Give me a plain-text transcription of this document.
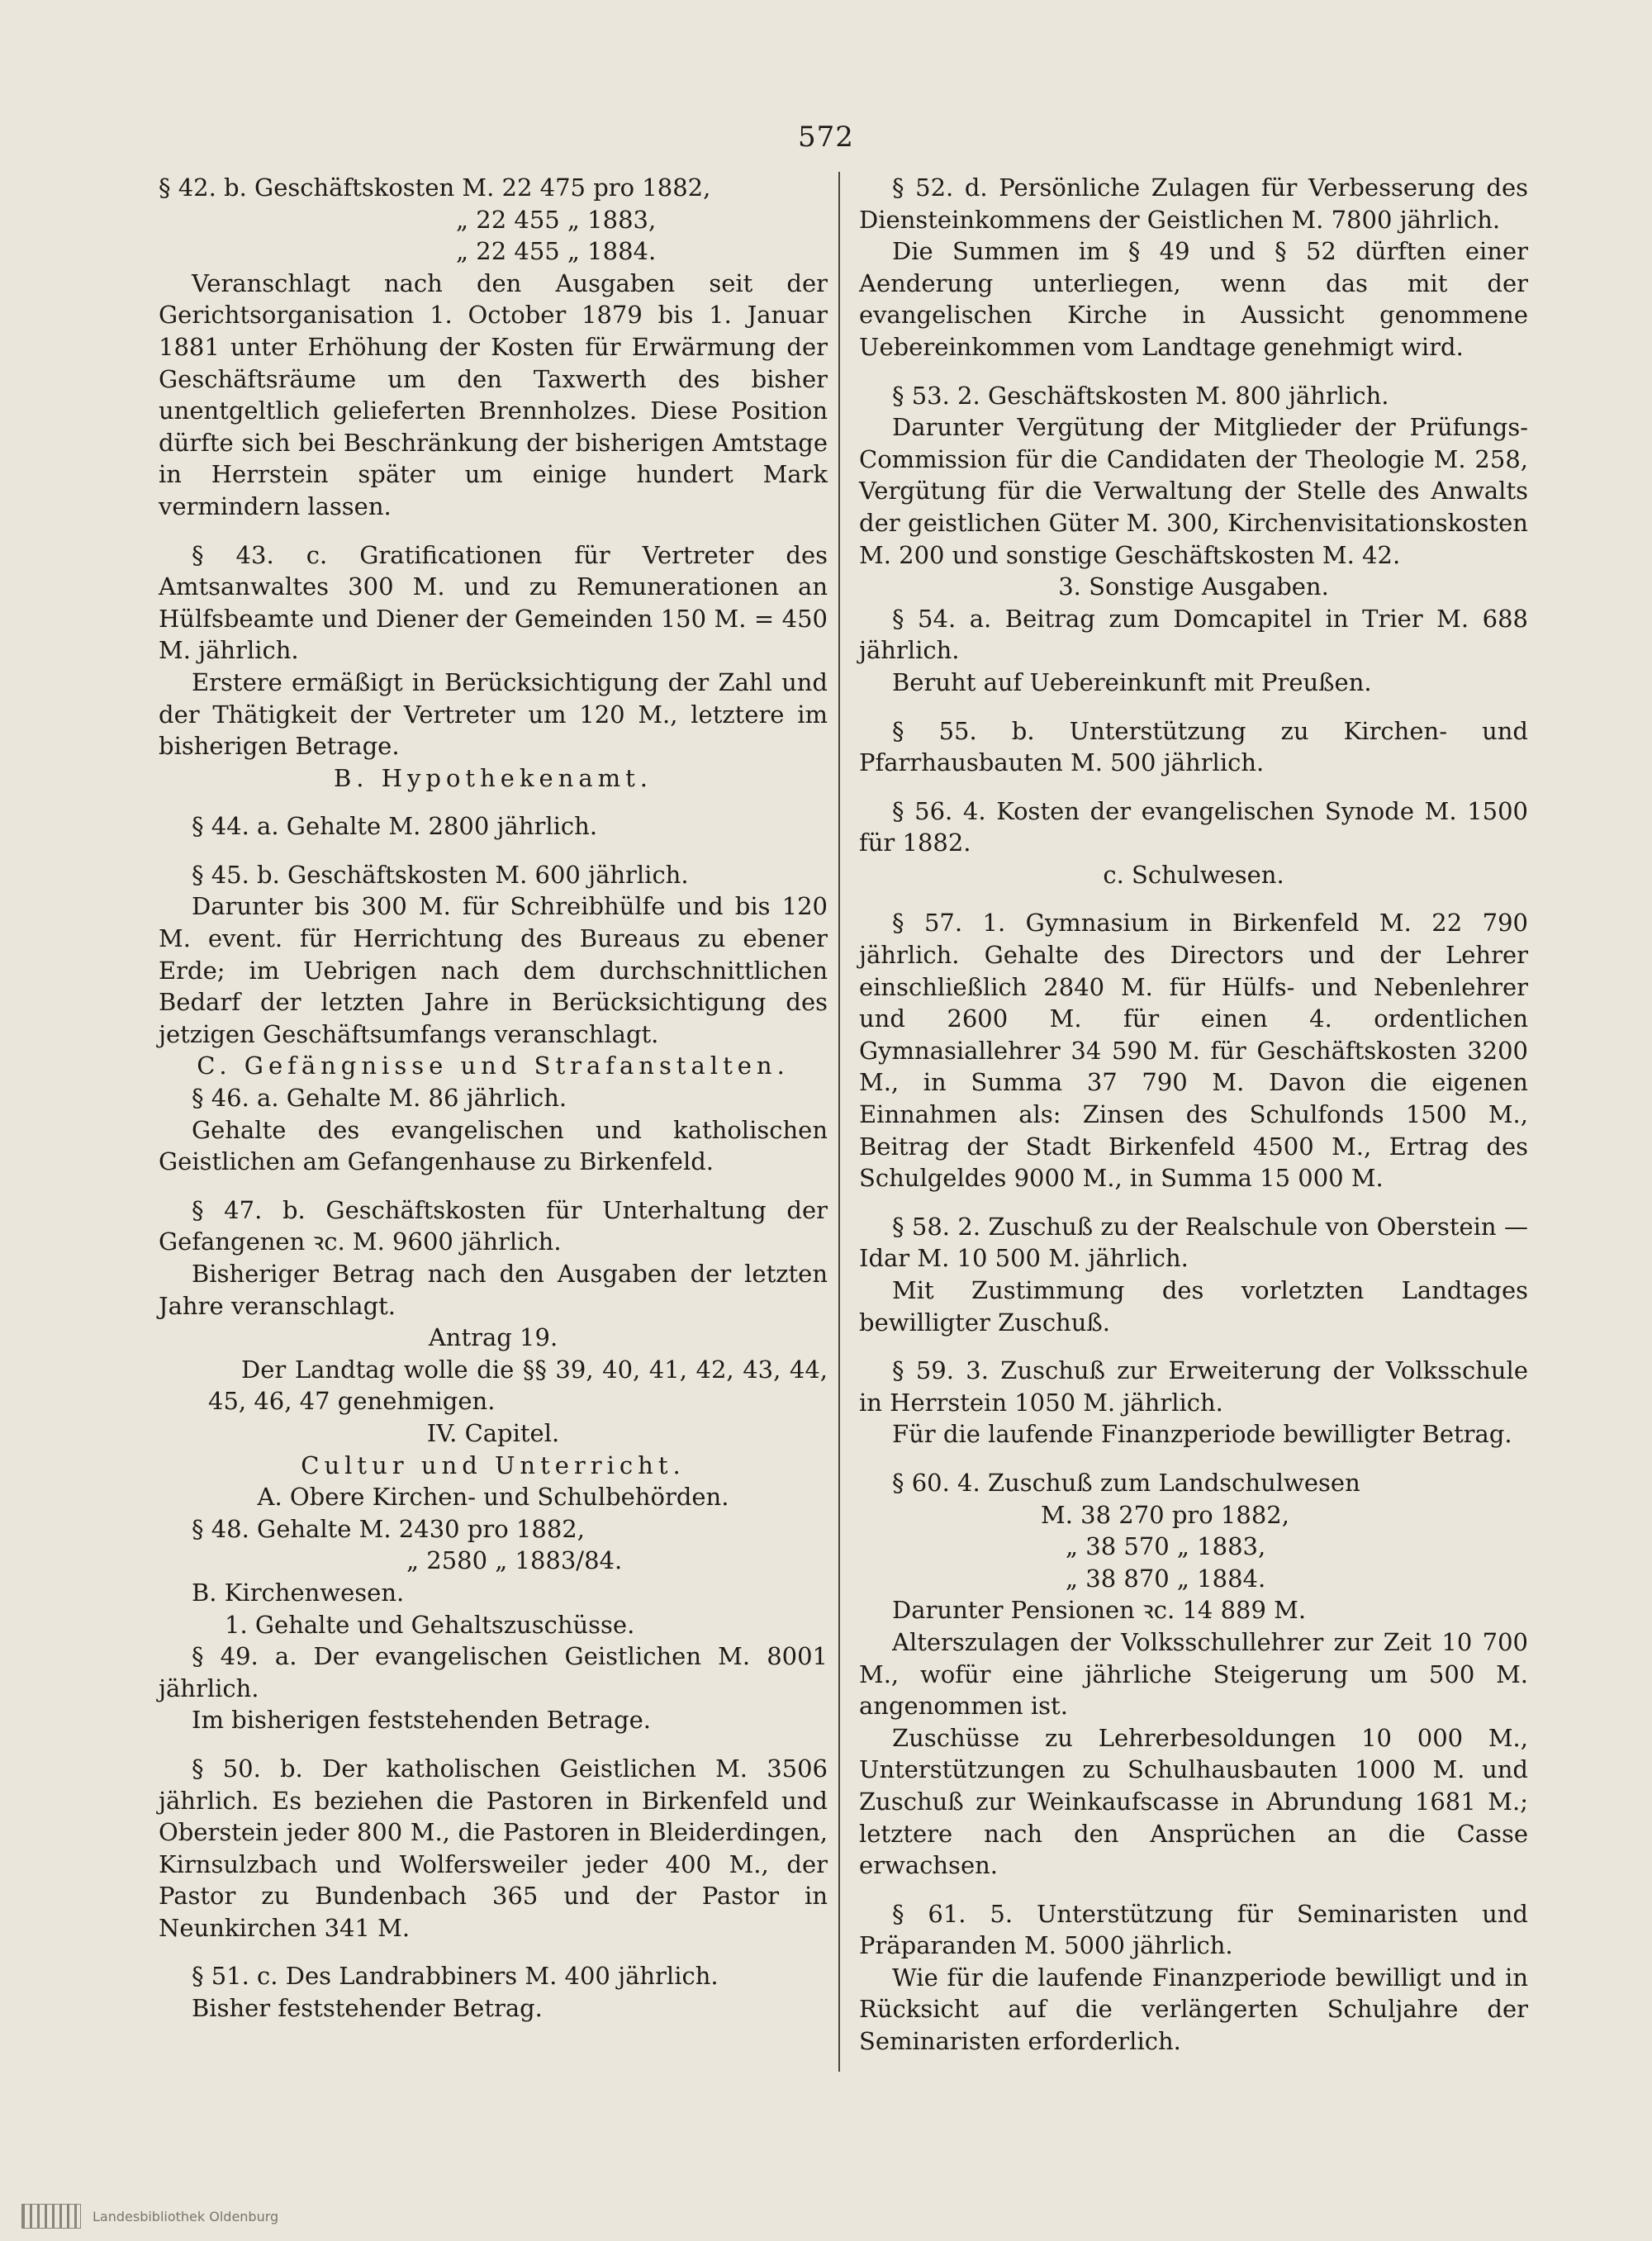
572

§ 42. b. Geschäftskosten M. 22 475 pro 1882,

„ 22 455 „ 1883,

„ 22 455 „ 1884.

Veranschlagt nach den Ausgaben seit der Gerichtsorganisation 1. October 1879 bis 1. Januar 1881 unter Erhöhung der Kosten für Erwärmung der Geschäftsräume um den Taxwerth des bisher unentgeltlich gelieferten Brennholzes. Diese Position dürfte sich bei Beschränkung der bisherigen Amtstage in Herrstein später um einige hundert Mark vermindern lassen.

§ 43. c. Gratificationen für Vertreter des Amtsanwaltes 300 M. und zu Remunerationen an Hülfsbeamte und Diener der Gemeinden 150 M. = 450 M. jährlich.

Erstere ermäßigt in Berücksichtigung der Zahl und der Thätigkeit der Vertreter um 120 M., letztere im bisherigen Betrage.

B. Hypothekenamt.

§ 44. a. Gehalte M. 2800 jährlich.

§ 45. b. Geschäftskosten M. 600 jährlich.

Darunter bis 300 M. für Schreibhülfe und bis 120 M. event. für Herrichtung des Bureaus zu ebener Erde; im Uebrigen nach dem durchschnittlichen Bedarf der letzten Jahre in Berücksichtigung des jetzigen Geschäftsumfangs veranschlagt.

C. Gefängnisse und Strafanstalten.

§ 46. a. Gehalte M. 86 jährlich.

Gehalte des evangelischen und katholischen Geistlichen am Gefangenhause zu Birkenfeld.

§ 47. b. Geschäftskosten für Unterhaltung der Gefangenen ꝛc. M. 9600 jährlich.

Bisheriger Betrag nach den Ausgaben der letzten Jahre veranschlagt.

Antrag 19.

Der Landtag wolle die §§ 39, 40, 41, 42, 43, 44, 45, 46, 47 genehmigen.

IV. Capitel.

Cultur und Unterricht.

A. Obere Kirchen- und Schulbehörden.

§ 48. Gehalte M. 2430 pro 1882,

„ 2580 „ 1883/84.

B. Kirchenwesen.

1. Gehalte und Gehaltszuschüsse.

§ 49. a. Der evangelischen Geistlichen M. 8001 jährlich.

Im bisherigen feststehenden Betrage.

§ 50. b. Der katholischen Geistlichen M. 3506 jährlich. Es beziehen die Pastoren in Birkenfeld und Oberstein jeder 800 M., die Pastoren in Bleiderdingen, Kirnsulzbach und Wolfersweiler jeder 400 M., der Pastor zu Bundenbach 365 und der Pastor in Neunkirchen 341 M.

§ 51. c. Des Landrabbiners M. 400 jährlich.

Bisher feststehender Betrag.

§ 52. d. Persönliche Zulagen für Verbesserung des Diensteinkommens der Geistlichen M. 7800 jährlich.

Die Summen im § 49 und § 52 dürften einer Aenderung unterliegen, wenn das mit der evangelischen Kirche in Aussicht genommene Uebereinkommen vom Landtage genehmigt wird.

§ 53. 2. Geschäftskosten M. 800 jährlich.

Darunter Vergütung der Mitglieder der Prüfungs-Commission für die Candidaten der Theologie M. 258, Vergütung für die Verwaltung der Stelle des Anwalts der geistlichen Güter M. 300, Kirchenvisitationskosten M. 200 und sonstige Geschäftskosten M. 42.

3. Sonstige Ausgaben.

§ 54. a. Beitrag zum Domcapitel in Trier M. 688 jährlich.

Beruht auf Uebereinkunft mit Preußen.

§ 55. b. Unterstützung zu Kirchen- und Pfarrhausbauten M. 500 jährlich.

§ 56. 4. Kosten der evangelischen Synode M. 1500 für 1882.

c. Schulwesen.

§ 57. 1. Gymnasium in Birkenfeld M. 22 790 jährlich. Gehalte des Directors und der Lehrer einschließlich 2840 M. für Hülfs- und Nebenlehrer und 2600 M. für einen 4. ordentlichen Gymnasiallehrer 34 590 M. für Geschäftskosten 3200 M., in Summa 37 790 M. Davon die eigenen Einnahmen als: Zinsen des Schulfonds 1500 M., Beitrag der Stadt Birkenfeld 4500 M., Ertrag des Schulgeldes 9000 M., in Summa 15 000 M.

§ 58. 2. Zuschuß zu der Realschule von Oberstein — Idar M. 10 500 M. jährlich.

Mit Zustimmung des vorletzten Landtages bewilligter Zuschuß.

§ 59. 3. Zuschuß zur Erweiterung der Volksschule in Herrstein 1050 M. jährlich.

Für die laufende Finanzperiode bewilligter Betrag.

§ 60. 4. Zuschuß zum Landschulwesen

M. 38 270 pro 1882,

„ 38 570 „ 1883,

„ 38 870 „ 1884.

Darunter Pensionen ꝛc. 14 889 M.

Alterszulagen der Volksschullehrer zur Zeit 10 700 M., wofür eine jährliche Steigerung um 500 M. angenommen ist.

Zuschüsse zu Lehrerbesoldungen 10 000 M., Unterstützungen zu Schulhausbauten 1000 M. und Zuschuß zur Weinkaufscasse in Abrundung 1681 M.; letztere nach den Ansprüchen an die Casse erwachsen.

§ 61. 5. Unterstützung für Seminaristen und Präparanden M. 5000 jährlich.

Wie für die laufende Finanzperiode bewilligt und in Rücksicht auf die verlängerten Schuljahre der Seminaristen erforderlich.

Landesbibliothek Oldenburg
